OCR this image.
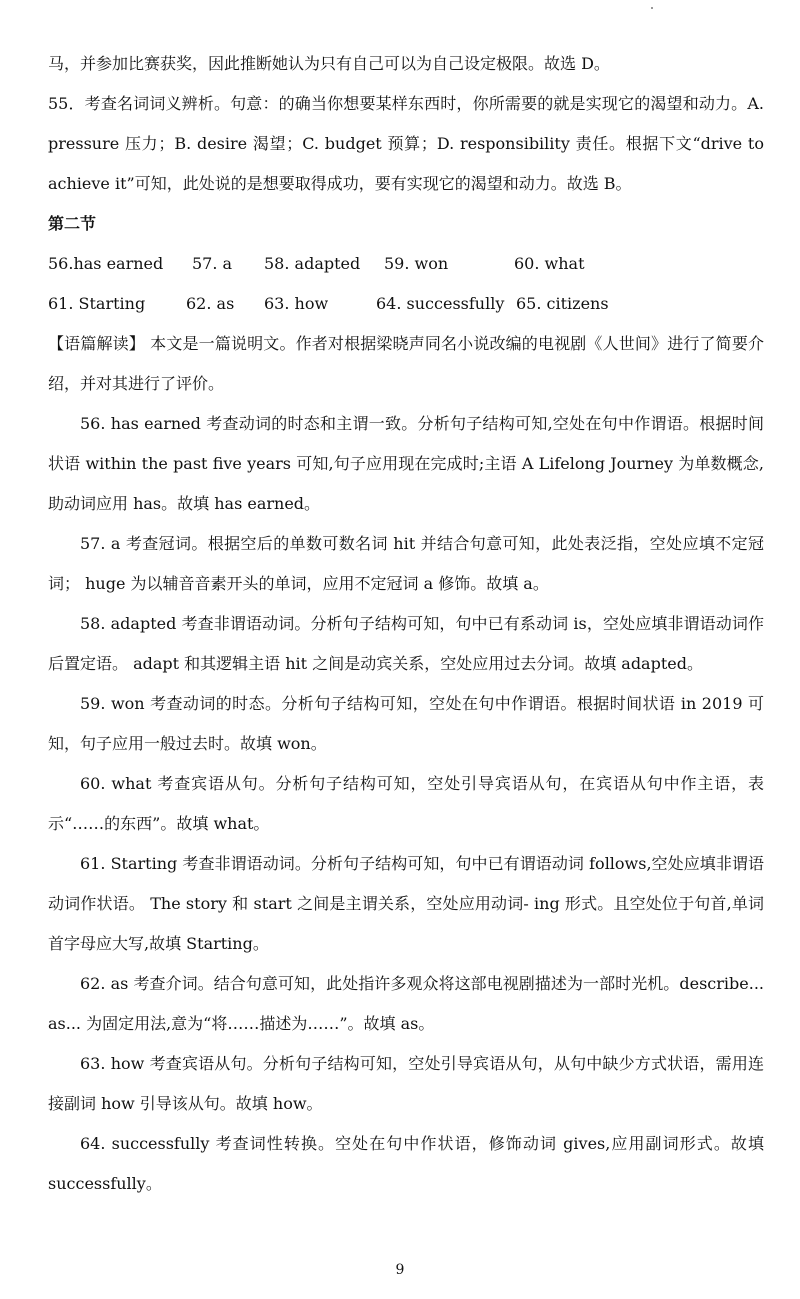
马，并参加比赛获奖，因此推断她认为只有自己可以为自己设定极限。故选 D。

55．考查名词词义辨析。句意：的确当你想要某样东西时，你所需要的就是实现它的渴望和动力。A. pressure 压力；B. desire 渴望；C. budget 预算；D. responsibility 责任。根据下文“drive to achieve it”可知，此处说的是想要取得成功，要有实现它的渴望和动力。故选 B。

第二节
56.has earned	57. a	58. adapted	59. won	60. what
61. Starting	62. as	63. how	64. successfully 65. citizens

【语篇解读】 本文是一篇说明文。作者对根据梁晓声同名小说改编的电视剧《人世间》进行了简要介绍，并对其进行了评价。

56. has earned 考查动词的时态和主谓一致。分析句子结构可知,空处在句中作谓语。根据时间状语 within the past five years 可知,句子应用现在完成时;主语 A Lifelong Journey 为单数概念,助动词应用 has。故填 has earned。

57. a 考查冠词。根据空后的单数可数名词 hit 并结合句意可知，此处表泛指，空处应填不定冠词； huge 为以辅音音素开头的单词，应用不定冠词 a 修饰。故填 a。

58. adapted 考查非谓语动词。分析句子结构可知，句中已有系动词 is，空处应填非谓语动词作后置定语。 adapt 和其逻辑主语 hit 之间是动宾关系，空处应用过去分词。故填 adapted。

59. won 考查动词的时态。分析句子结构可知，空处在句中作谓语。根据时间状语 in 2019 可知，句子应用一般过去时。故填 won。

60. what 考查宾语从句。分析句子结构可知，空处引导宾语从句，在宾语从句中作主语，表示“……的东西”。故填 what。

61. Starting 考查非谓语动词。分析句子结构可知，句中已有谓语动词 follows,空处应填非谓语动词作状语。 The story 和 start 之间是主谓关系，空处应用动词- ing 形式。且空处位于句首,单词首字母应大写,故填 Starting。

62. as 考查介词。结合句意可知，此处指许多观众将这部电视剧描述为一部时光机。describe... as... 为固定用法,意为“将……描述为……”。故填 as。

63. how 考查宾语从句。分析句子结构可知，空处引导宾语从句，从句中缺少方式状语，需用连接副词 how 引导该从句。故填 how。

64. successfully 考查词性转换。空处在句中作状语，修饰动词 gives,应用副词形式。故填 successfully。

9
